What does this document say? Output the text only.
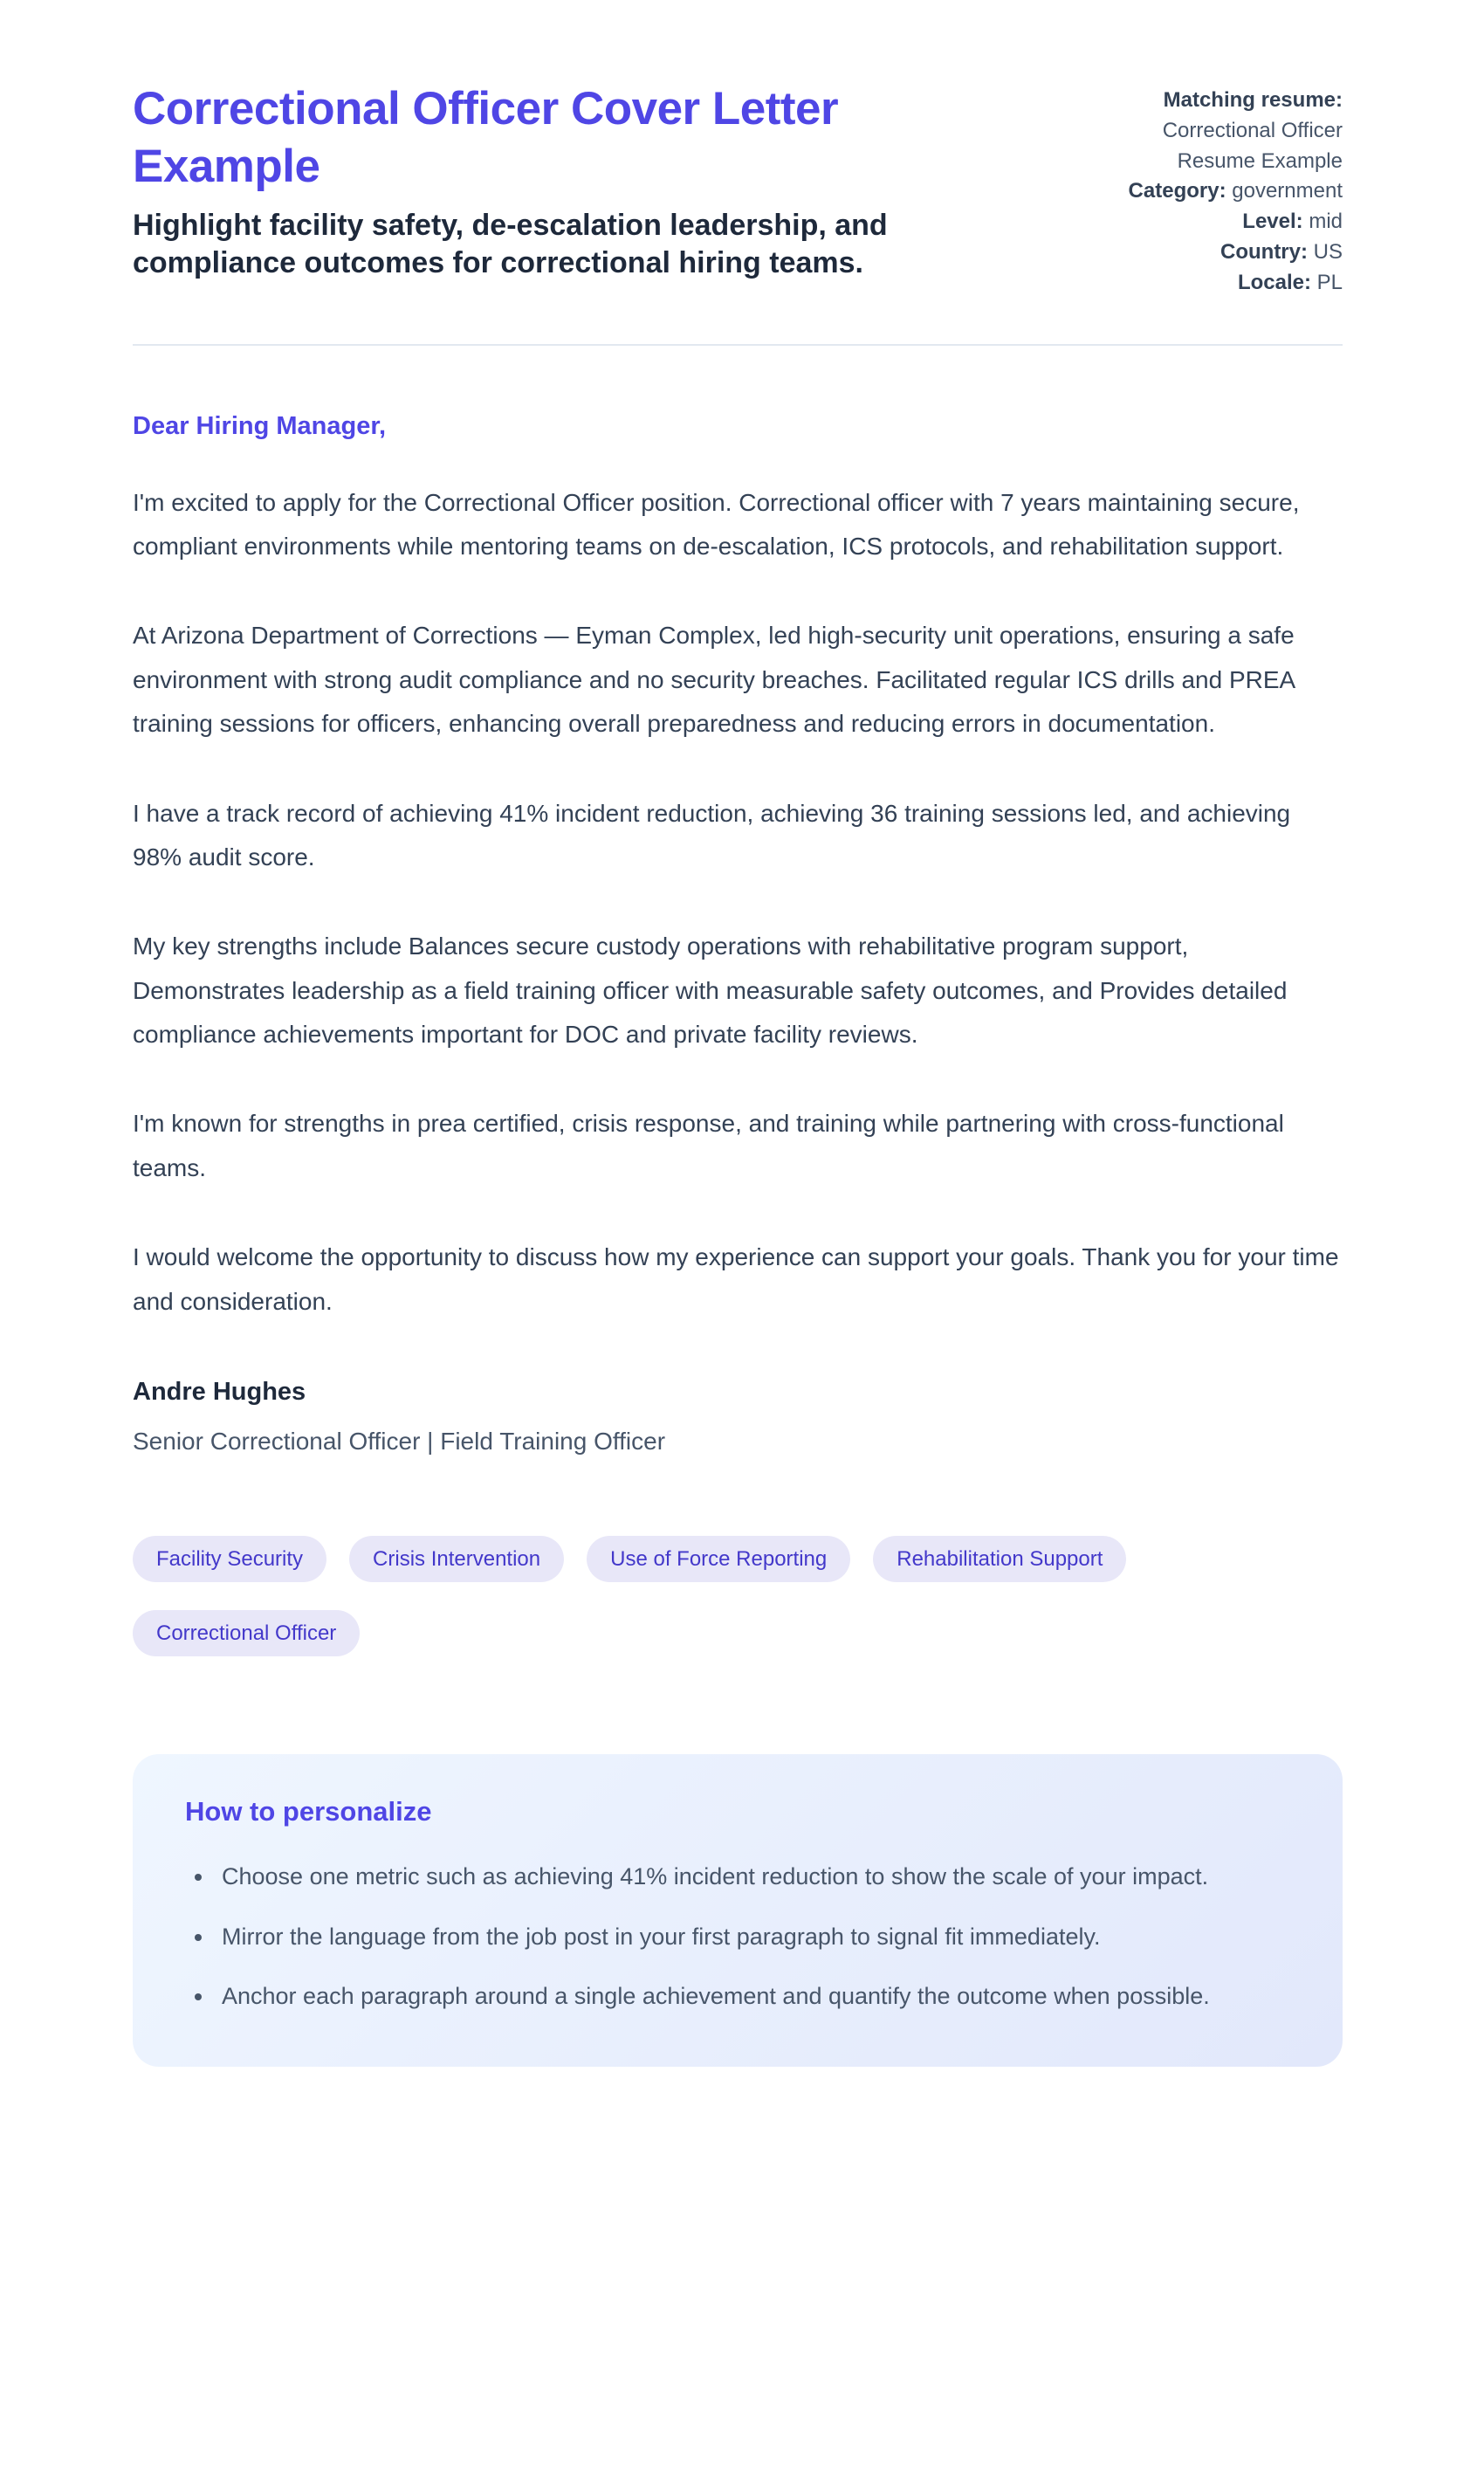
Correctional Officer Cover Letter Example
Highlight facility safety, de-escalation leadership, and compliance outcomes for correctional hiring teams.
Matching resume: Correctional Officer Resume Example
Category: government
Level: mid
Country: US
Locale: PL

Dear Hiring Manager,

I'm excited to apply for the Correctional Officer position. Correctional officer with 7 years maintaining secure, compliant environments while mentoring teams on de-escalation, ICS protocols, and rehabilitation support.

At Arizona Department of Corrections — Eyman Complex, led high-security unit operations, ensuring a safe environment with strong audit compliance and no security breaches. Facilitated regular ICS drills and PREA training sessions for officers, enhancing overall preparedness and reducing errors in documentation.

I have a track record of achieving 41% incident reduction, achieving 36 training sessions led, and achieving 98% audit score.

My key strengths include Balances secure custody operations with rehabilitative program support, Demonstrates leadership as a field training officer with measurable safety outcomes, and Provides detailed compliance achievements important for DOC and private facility reviews.

I'm known for strengths in prea certified, crisis response, and training while partnering with cross-functional teams.

I would welcome the opportunity to discuss how my experience can support your goals. Thank you for your time and consideration.

Andre Hughes

Senior Correctional Officer | Field Training Officer

Facility Security	Crisis Intervention	Use of Force Reporting	Rehabilitation Support
Correctional Officer
How to personalize
• Choose one metric such as achieving 41% incident reduction to show the scale of your impact.
• Mirror the language from the job post in your first paragraph to signal fit immediately.
• Anchor each paragraph around a single achievement and quantify the outcome when possible.
